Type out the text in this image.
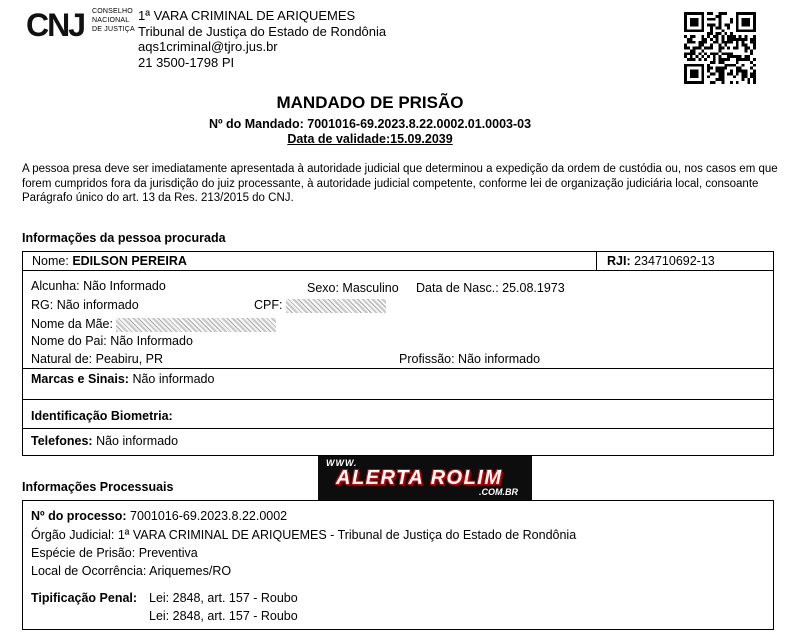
CNJ CONSELHO
NACIONAL
DE JUSTIÇA
1ª VARA CRIMINAL DE ARIQUEMES
Tribunal de Justiça do Estado de Rondônia
aqs1criminal@tjro.jus.br
21 3500-1798 PI
MANDADO DE PRISÃO
Nº do Mandado: 7001016-69.2023.8.22.0002.01.0003-03
Data de validade:15.09.2039
A pessoa presa deve ser imediatamente apresentada à autoridade judicial que determinou a expedição da ordem de custódia ou, nos casos em que forem cumpridos fora da jurisdição do juiz processante, à autoridade judicial competente, conforme lei de organização judiciária local, consoante Parágrafo único do art. 13 da Res. 213/2015 do CNJ.
Informações da pessoa procurada
Nome: EDILSON PEREIRA	RJI: 234710692-13
Alcunha: Não Informado	Sexo: Masculino Data de Nasc.: 25.08.1973
RG: Não informado	CPF:
Nome da Mãe:
Nome do Pai: Não Informado
Natural de: Peabiru, PR	Profissão: Não informado
Marcas e Sinais: Não informado
Identificação Biometria:
Telefones: Não informado
WWW.
ALERTA ROLIM
.COM.BR
Informações Processuais
Nº do processo: 7001016-69.2023.8.22.0002
Órgão Judicial: 1ª VARA CRIMINAL DE ARIQUEMES - Tribunal de Justiça do Estado de Rondônia
Espécie de Prisão: Preventiva
Local de Ocorrência: Ariquemes/RO
Tipificação Penal: Lei: 2848, art. 157 - Roubo
Lei: 2848, art. 157 - Roubo
